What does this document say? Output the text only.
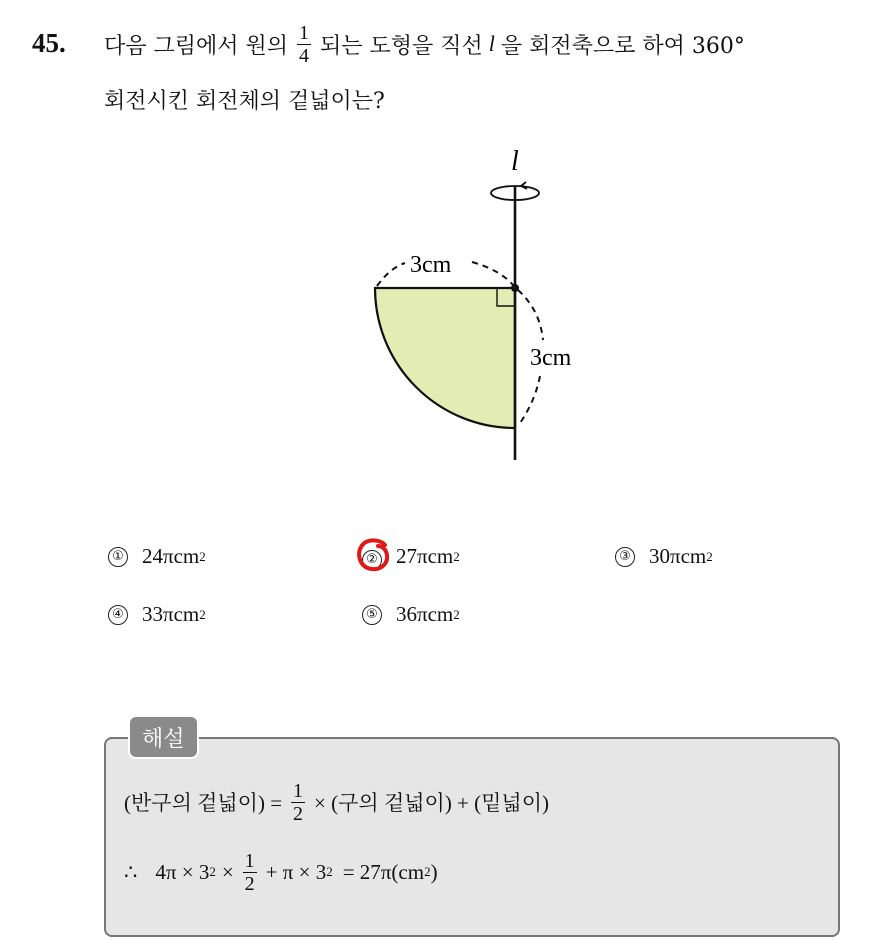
45. 다음 그림에서 원의 $\frac{1}{4}$ 되는 도형을 직선 l 을 회전축으로 하여 360°
회전시킨 회전체의 겉넓이는?
3cm
3cm
l
① 24πcm 2	② 27πcm 2	③ 30πcm 2
④ 33πcm 2	⑤ 36πcm 2
해설
(반구의 겉넓이) = $\frac{1}{2}$ × (구의 겉넓이) + (밑넓이)
∴ 4π × 3 $2 \times \frac{1}{2} + \pi \times 3$ 2 = 27π(cm 2 )
